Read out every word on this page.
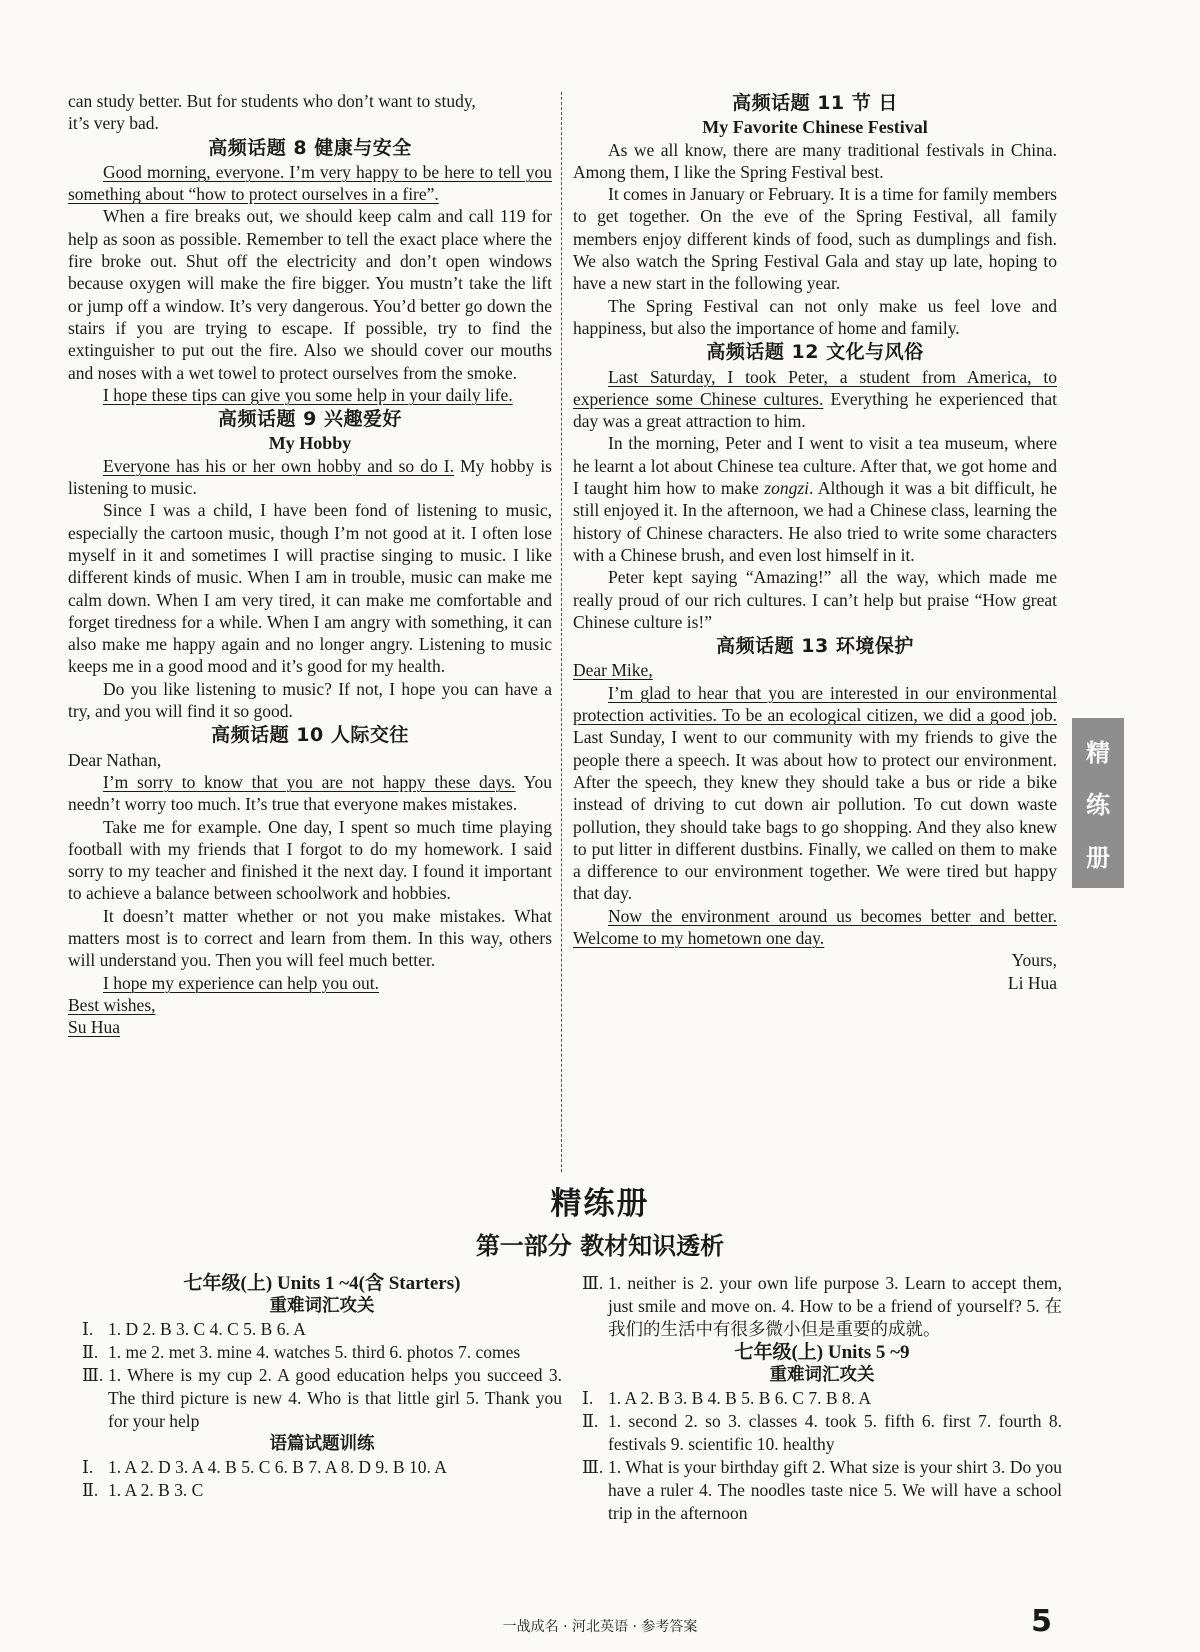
can study better. But for students who don’t want to study,

it’s very bad.

高频话题 8 健康与安全

Good morning, everyone. I’m very happy to be here to tell you something about “how to protect ourselves in a fire”.

When a fire breaks out, we should keep calm and call 119 for help as soon as possible. Remember to tell the exact place where the fire broke out. Shut off the electricity and don’t open windows because oxygen will make the fire bigger. You mustn’t take the lift or jump off a window. It’s very dangerous. You’d better go down the stairs if you are trying to escape. If possible, try to find the extinguisher to put out the fire. Also we should cover our mouths and noses with a wet towel to protect ourselves from the smoke.

I hope these tips can give you some help in your daily life.

高频话题 9 兴趣爱好
My Hobby

Everyone has his or her own hobby and so do I. My hobby is listening to music.

Since I was a child, I have been fond of listening to music, especially the cartoon music, though I’m not good at it. I often lose myself in it and sometimes I will practise singing to music. I like different kinds of music. When I am in trouble, music can make me calm down. When I am very tired, it can make me comfortable and forget tiredness for a while. When I am angry with something, it can also make me happy again and no longer angry. Listening to music keeps me in a good mood and it’s good for my health.

Do you like listening to music? If not, I hope you can have a try, and you will find it so good.

高频话题 10 人际交往

Dear Nathan,

I’m sorry to know that you are not happy these days. You needn’t worry too much. It’s true that everyone makes mistakes.

Take me for example. One day, I spent so much time playing football with my friends that I forgot to do my homework. I said sorry to my teacher and finished it the next day. I found it important to achieve a balance between schoolwork and hobbies.

It doesn’t matter whether or not you make mistakes. What matters most is to correct and learn from them. In this way, others will understand you. Then you will feel much better.

I hope my experience can help you out.

Best wishes,

Su Hua

高频话题 11 节 日
My Favorite Chinese Festival

As we all know, there are many traditional festivals in China. Among them, I like the Spring Festival best.

It comes in January or February. It is a time for family members to get together. On the eve of the Spring Festival, all family members enjoy different kinds of food, such as dumplings and fish. We also watch the Spring Festival Gala and stay up late, hoping to have a new start in the following year.

The Spring Festival can not only make us feel love and happiness, but also the importance of home and family.

高频话题 12 文化与风俗

Last Saturday, I took Peter, a student from America, to experience some Chinese cultures. Everything he experienced that day was a great attraction to him.

In the morning, Peter and I went to visit a tea museum, where he learnt a lot about Chinese tea culture. After that, we got home and I taught him how to make zongzi. Although it was a bit difficult, he still enjoyed it. In the afternoon, we had a Chinese class, learning the history of Chinese characters. He also tried to write some characters with a Chinese brush, and even lost himself in it.

Peter kept saying “Amazing!” all the way, which made me really proud of our rich cultures. I can’t help but praise “How great Chinese culture is!”

高频话题 13 环境保护

Dear Mike,

I’m glad to hear that you are interested in our environmental protection activities. To be an ecological citizen, we did a good job. Last Sunday, I went to our community with my friends to give the people there a speech. It was about how to protect our environment. After the speech, they knew they should take a bus or ride a bike instead of driving to cut down air pollution. To cut down waste pollution, they should take bags to go shopping. And they also knew to put litter in different dustbins. Finally, we called on them to make a difference to our environment together. We were tired but happy that day.

Now the environment around us becomes better and better. Welcome to my hometown one day.

Yours,

Li Hua

精
练
册
精练册
第一部分 教材知识透析
七年级(上) Units 1 ~4(含 Starters)
重难词汇攻关
Ⅰ. 1. D 2. B 3. C 4. C 5. B 6. A
Ⅱ. 1. me 2. met 3. mine 4. watches 5. third 6. photos 7. comes
Ⅲ. 1. Where is my cup 2. A good education helps you succeed 3. The third picture is new 4. Who is that little girl 5. Thank you for your help
语篇试题训练
Ⅰ. 1. A 2. D 3. A 4. B 5. C 6. B 7. A 8. D 9. B 10. A
Ⅱ. 1. A 2. B 3. C
Ⅲ. 1. neither is 2. your own life purpose 3. Learn to accept them, just smile and move on. 4. How to be a friend of yourself? 5. 在我们的生活中有很多微小但是重要的成就。
七年级(上) Units 5 ~9
重难词汇攻关
Ⅰ. 1. A 2. B 3. B 4. B 5. B 6. C 7. B 8. A
Ⅱ. 1. second 2. so 3. classes 4. took 5. fifth 6. first 7. fourth 8. festivals 9. scientific 10. healthy
Ⅲ. 1. What is your birthday gift 2. What size is your shirt 3. Do you have a ruler 4. The noodles taste nice 5. We will have a school trip in the afternoon
一战成名 · 河北英语 · 参考答案	5
